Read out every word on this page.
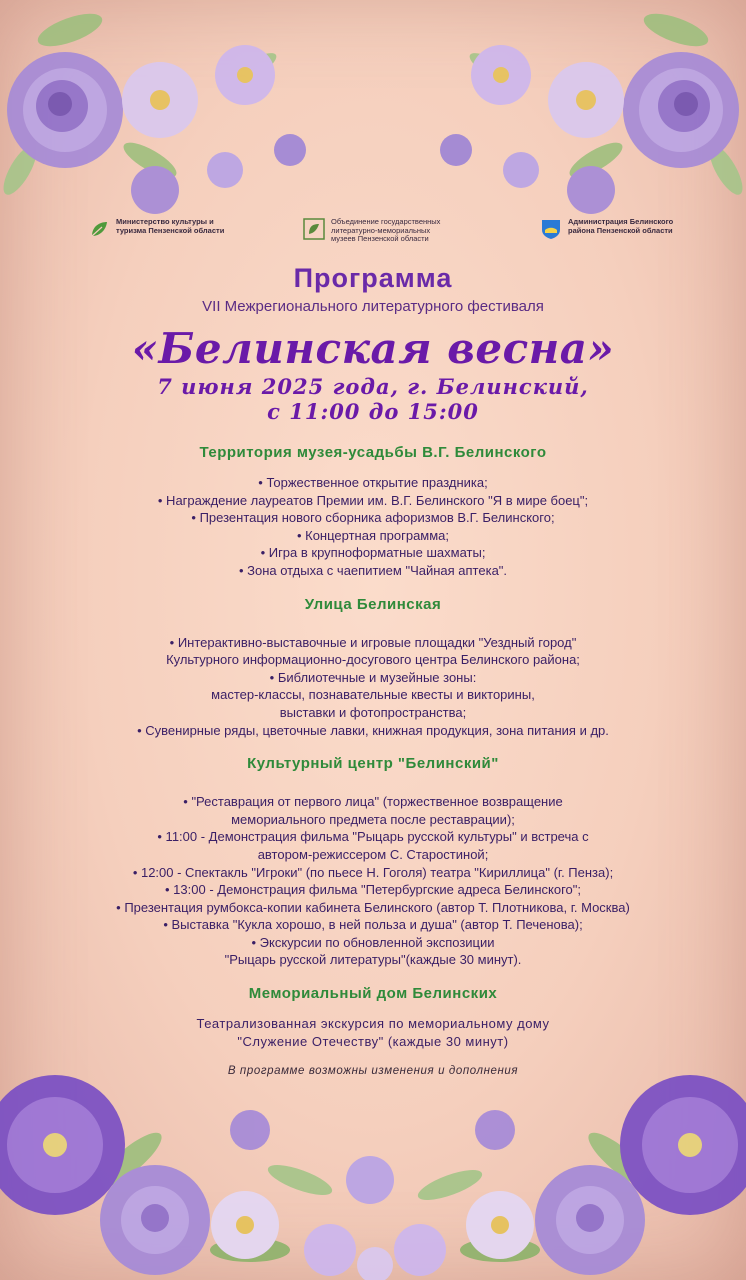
Министерство культуры и туризма Пензенской области
Объединение государственных литературно-мемориальных музеев Пензенской области
Администрация Белинского района Пензенской области

Программа

VII Межрегионального литературного фестиваля

«Белинская весна»

7 июня 2025 года, г. Белинский,

с 11:00 до 15:00

Территория музея-усадьбы В.Г. Белинского

• Торжественное открытие праздника;

• Награждение лауреатов Премии им. В.Г. Белинского "Я в мире боец";

• Презентация нового сборника афоризмов В.Г. Белинского;

• Концертная программа;

• Игра в крупноформатные шахматы;

• Зона отдыха с чаепитием "Чайная аптека".

Улица Белинская

• Интерактивно-выставочные и игровые площадки "Уездный город"

Культурного информационно-досугового центра Белинского района;

• Библиотечные и музейные зоны:

мастер-классы, познавательные квесты и викторины,

выставки и фотопространства;

• Сувенирные ряды, цветочные лавки, книжная продукция, зона питания и др.

Культурный центр "Белинский"

• "Реставрация от первого лица" (торжественное возвращение

мемориального предмета после реставрации);

• 11:00 - Демонстрация фильма "Рыцарь русской культуры" и встреча с

автором-режиссером С. Старостиной;

• 12:00 - Спектакль "Игроки" (по пьесе Н. Гоголя) театра "Кириллица" (г. Пенза);

• 13:00 - Демонстрация фильма "Петербургские адреса Белинского";

• Презентация румбокса-копии кабинета Белинского (автор Т. Плотникова, г. Москва)

• Выставка "Кукла хорошо, в ней польза и душа" (автор Т. Печенова);

• Экскурсии по обновленной экспозиции

"Рыцарь русской литературы"(каждые 30 минут).

Мемориальный дом Белинских

Театрализованная экскурсия по мемориальному дому

"Служение Отечеству" (каждые 30 минут)

В программе возможны изменения и дополнения
